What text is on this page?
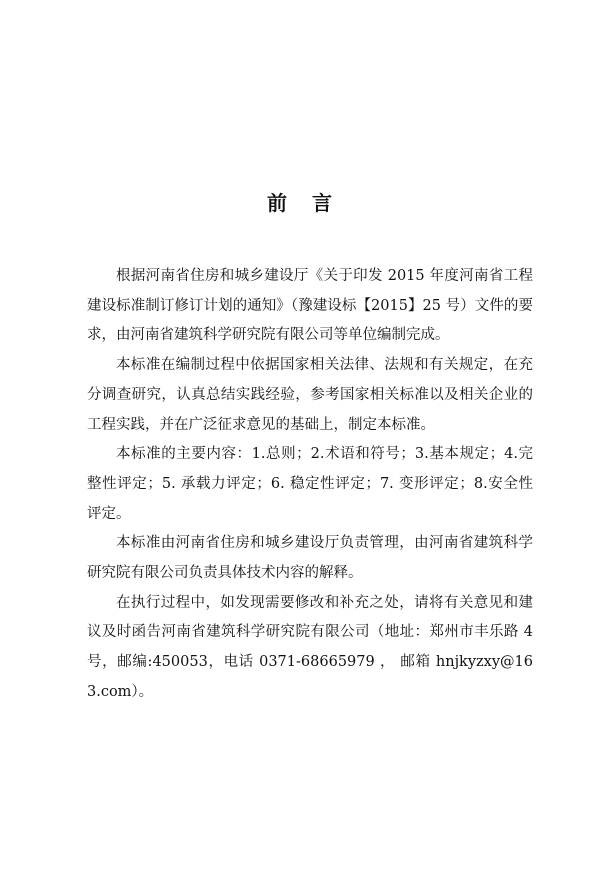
前 言

根据河南省住房和城乡建设厅《关于印发 2015 年度河南省工程建设标准制订修订计划的通知》（豫建设标【2015】25 号）文件的要求，由河南省建筑科学研究院有限公司等单位编制完成。

本标准在编制过程中依据国家相关法律、法规和有关规定，在充分调查研究，认真总结实践经验，参考国家相关标准以及相关企业的工程实践，并在广泛征求意见的基础上，制定本标准。

本标准的主要内容：1.总则；2.术语和符号；3.基本规定；4.完整性评定；5. 承载力评定；6. 稳定性评定；7. 变形评定；8.安全性评定。

本标准由河南省住房和城乡建设厅负责管理，由河南省建筑科学研究院有限公司负责具体技术内容的解释。

在执行过程中，如发现需要修改和补充之处，请将有关意见和建议及时函告河南省建筑科学研究院有限公司（地址：郑州市丰乐路 4 号，邮编:450053，电话 0371-68665979 ， 邮箱 hnjkyzxy@163.com）。
